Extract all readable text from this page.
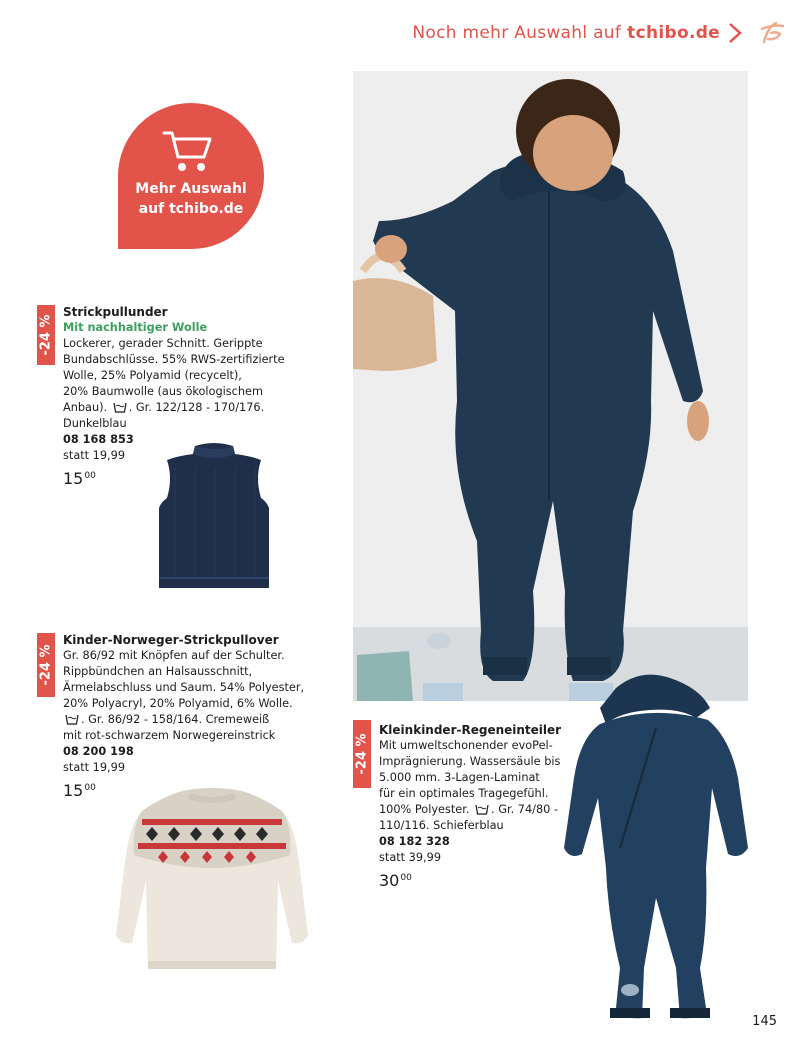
Noch mehr Auswahl auf tchibo.de
Mehr Auswahl
auf tchibo.de
-24 %
Strickpullunder
Mit nachhaltiger Wolle
Lockerer, gerader Schnitt. Gerippte
Bundabschlüsse. 55% RWS-zertifizierte
Wolle, 25% Polyamid (recycelt),
20% Baumwolle (aus ökologischem
Anbau). . Gr. 122/128 - 170/176.
Dunkelblau
08 168 853
statt 19,99
$15^{00}$
-24 %
Kinder-Norweger-Strickpullover
Gr. 86/92 mit Knöpfen auf der Schulter.
Rippbündchen an Halsausschnitt,
Ärmelabschluss und Saum. 54% Polyester,
20% Polyacryl, 20% Polyamid, 6% Wolle.
. Gr. 86/92 - 158/164. Cremeweiß
mit rot-schwarzem Norwegereinstrick
08 200 198
statt 19,99
$15^{00}$
-24 %
Kleinkinder-Regeneinteiler
Mit umweltschonender evoPel-
Imprägnierung. Wassersäule bis
5.000 mm. 3-Lagen-Laminat
für ein optimales Tragegefühl.
100% Polyester. . Gr. 74/80 -
110/116. Schieferblau
08 182 328
statt 39,99
$30^{00}$
145
